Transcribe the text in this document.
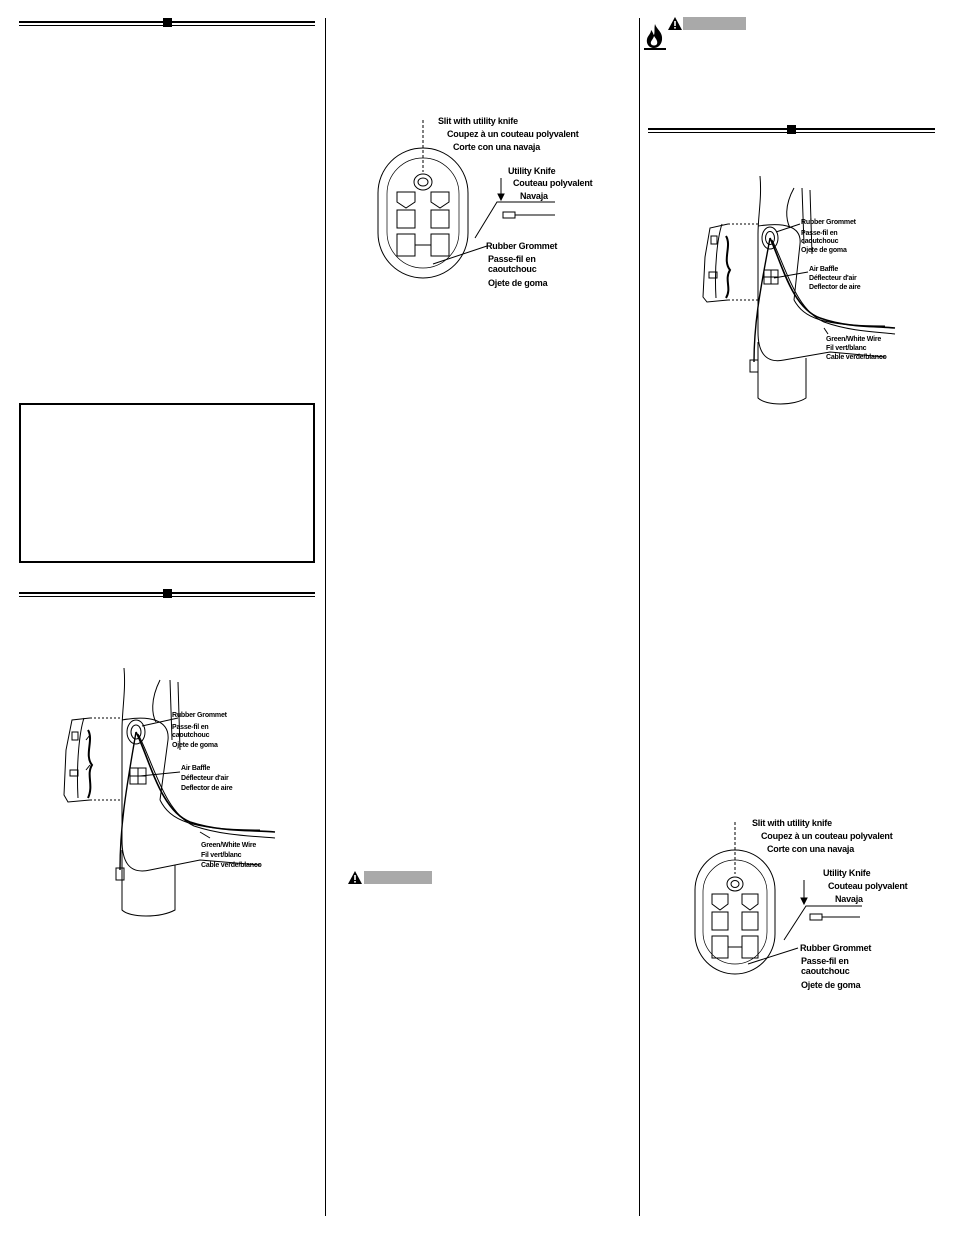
Slit with utility knife
Coupez à un couteau polyvalent
Corte con una navaja
Utility Knife
Couteau polyvalent
Navaja
Rubber Grommet
Passe-fil en
caoutchouc
Ojete de goma
Slit with utility knife
Coupez à un couteau polyvalent
Corte con una navaja
Utility Knife
Couteau polyvalent
Navaja
Rubber Grommet
Passe-fil en
caoutchouc
Ojete de goma
Rubber Grommet
Passe-fil en
caoutchouc
Ojete de goma
Air Baffle
Déflecteur d'air
Deflector de aire
Green/White Wire
Fil vert/blanc
Cable verde/blanco
Rubber Grommet
Passe-fil en
caoutchouc
Ojete de goma
Air Baffle
Déflecteur d'air
Deflector de aire
Green/White Wire
Fil vert/blanc
Cable verde/blanco
